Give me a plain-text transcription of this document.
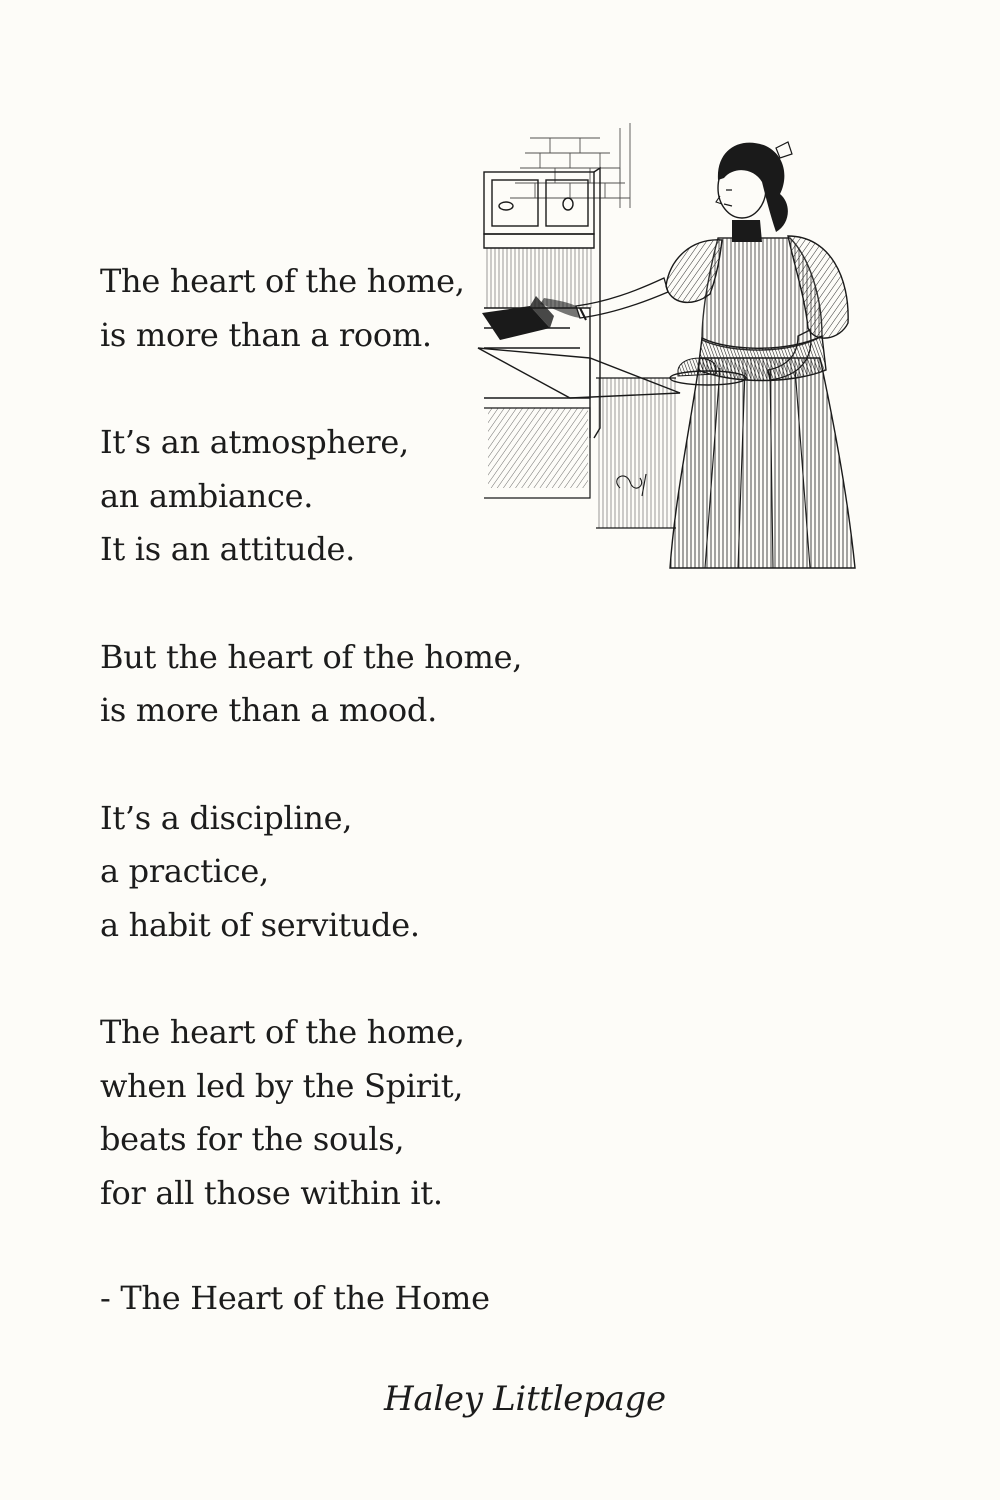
The heart of the home,
is more than a room.
It’s an atmosphere,
an ambiance.
It is an attitude.
But the heart of the home,
is more than a mood.
It’s a discipline,
a practice,
a habit of servitude.
The heart of the home,
when led by the Spirit,
beats for the souls,
for all those within it.
- The Heart of the Home
Haley Littlepage
